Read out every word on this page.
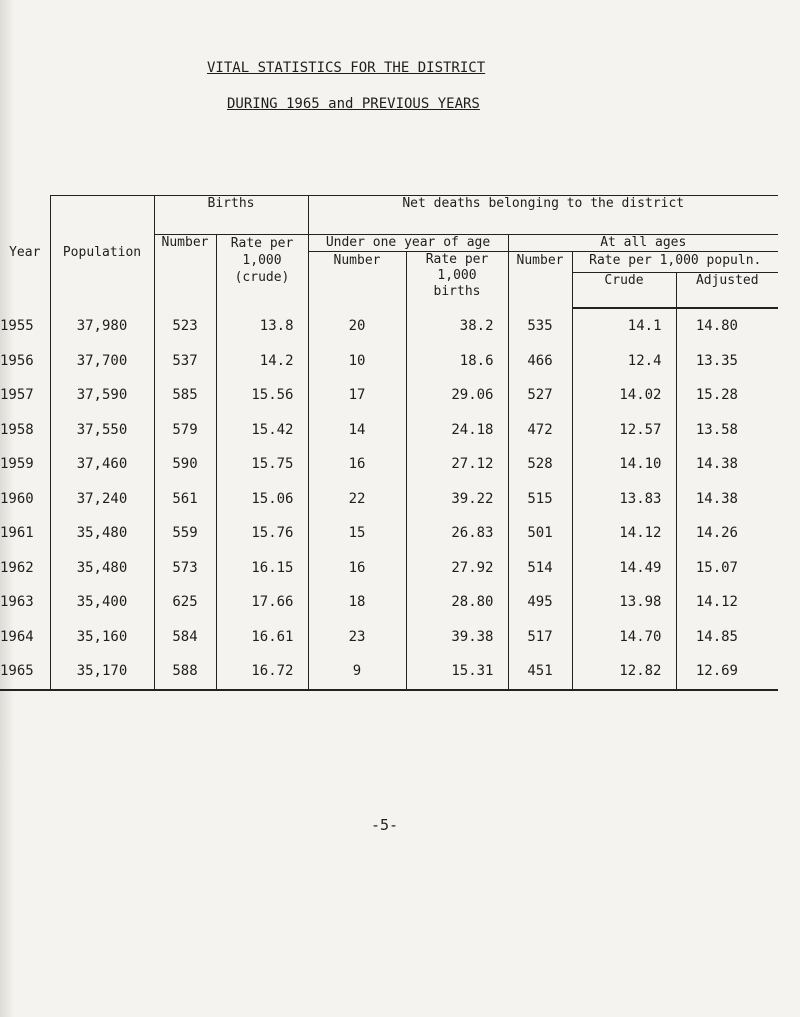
VITAL STATISTICS FOR THE DISTRICT
DURING 1965 and PREVIOUS YEARS
Year	Population	Births		Net deaths belonging to the district				
		Number	Rate per 1,000 (crude)	Under one year of age		At all ages		
				Number	Rate per 1,000 births	Number	Rate per 1,000 populn.	
							Crude	Adjusted
1955	37,980	523	13.8	20	38.2	535	14.1	14.80
1956	37,700	537	14.2	10	18.6	466	12.4	13.35
1957	37,590	585	15.56	17	29.06	527	14.02	15.28
1958	37,550	579	15.42	14	24.18	472	12.57	13.58
1959	37,460	590	15.75	16	27.12	528	14.10	14.38
1960	37,240	561	15.06	22	39.22	515	13.83	14.38
1961	35,480	559	15.76	15	26.83	501	14.12	14.26
1962	35,480	573	16.15	16	27.92	514	14.49	15.07
1963	35,400	625	17.66	18	28.80	495	13.98	14.12
1964	35,160	584	16.61	23	39.38	517	14.70	14.85
1965	35,170	588	16.72	9	15.31	451	12.82	12.69
-5-
